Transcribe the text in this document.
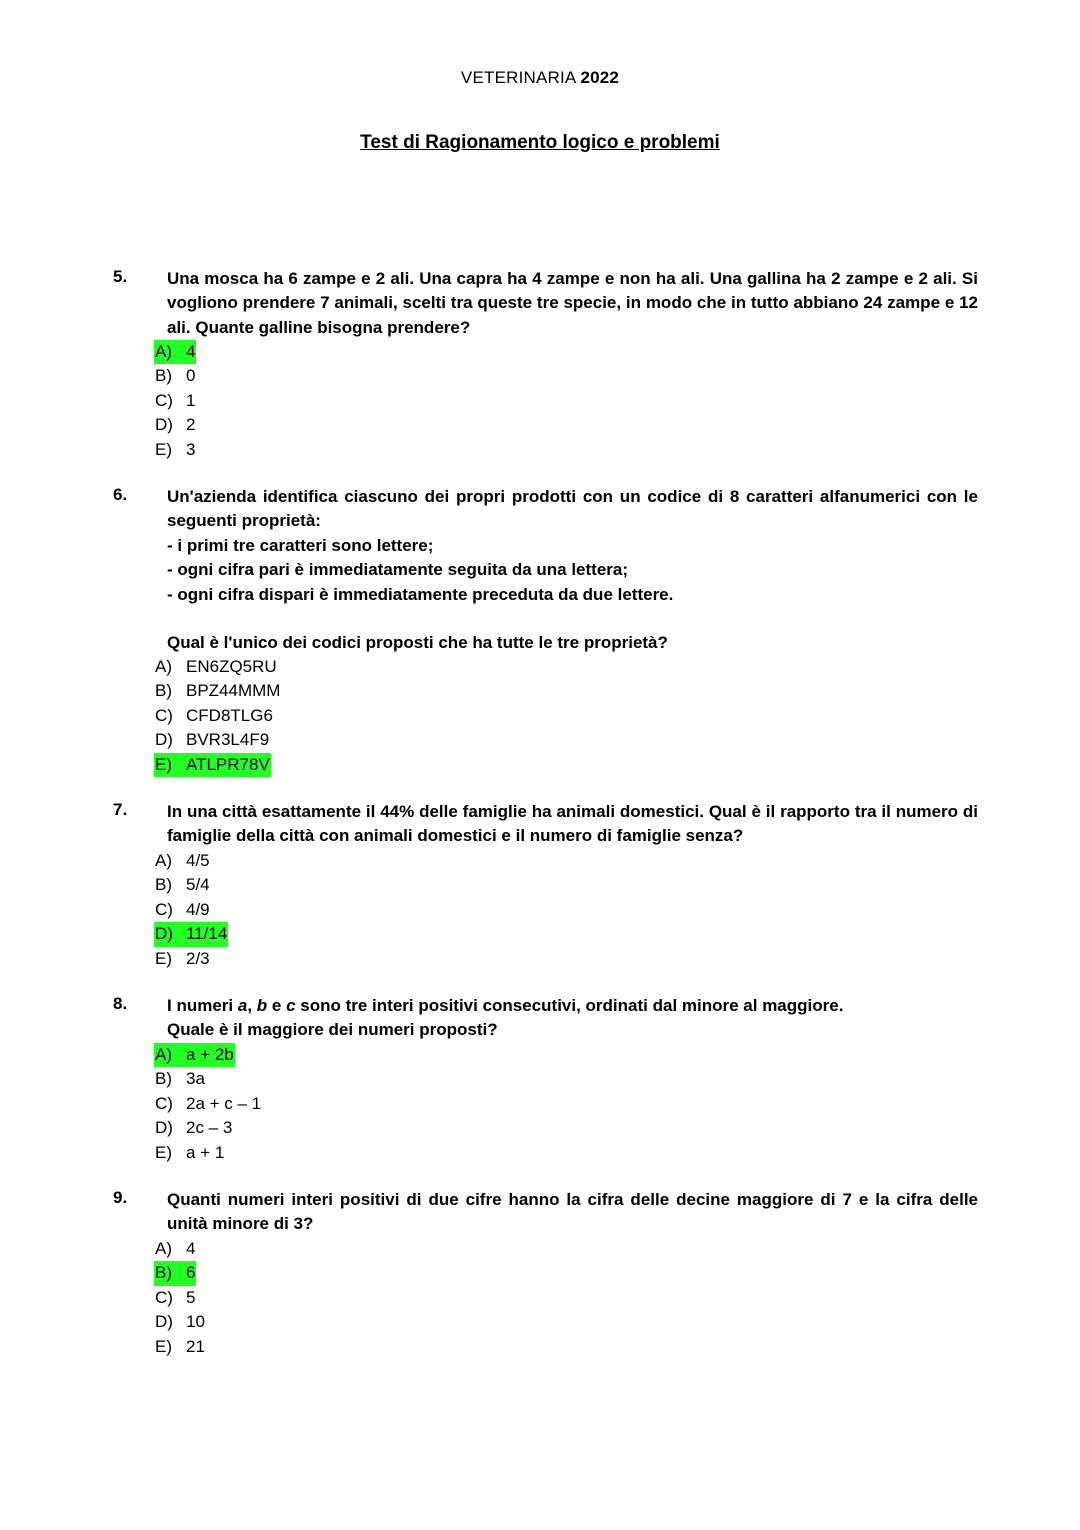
VETERINARIA 2022
Test di Ragionamento logico e problemi
5. Una mosca ha 6 zampe e 2 ali. Una capra ha 4 zampe e non ha ali. Una gallina ha 2 zampe e 2 ali. Si vogliono prendere 7 animali, scelti tra queste tre specie, in modo che in tutto abbiano 24 zampe e 12 ali. Quante galline bisogna prendere?
A) 4
B) 0
C) 1
D) 2
E) 3
6. Un'azienda identifica ciascuno dei propri prodotti con un codice di 8 caratteri alfanumerici con le seguenti proprietà:
- i primi tre caratteri sono lettere;
- ogni cifra pari è immediatamente seguita da una lettera;
- ogni cifra dispari è immediatamente preceduta da due lettere.
Qual è l'unico dei codici proposti che ha tutte le tre proprietà?
A) EN6ZQ5RU
B) BPZ44MMM
C) CFD8TLG6
D) BVR3L4F9
E) ATLPR78V
7. In una città esattamente il 44% delle famiglie ha animali domestici. Qual è il rapporto tra il numero di famiglie della città con animali domestici e il numero di famiglie senza?
A) 4/5
B) 5/4
C) 4/9
D) 11/14
E) 2/3
8. I numeri a, b e c sono tre interi positivi consecutivi, ordinati dal minore al maggiore.
Quale è il maggiore dei numeri proposti?
A) a + 2b
B) 3a
C) 2a + c – 1
D) 2c – 3
E) a + 1
9. Quanti numeri interi positivi di due cifre hanno la cifra delle decine maggiore di 7 e la cifra delle unità minore di 3?
A) 4
B) 6
C) 5
D) 10
E) 21
